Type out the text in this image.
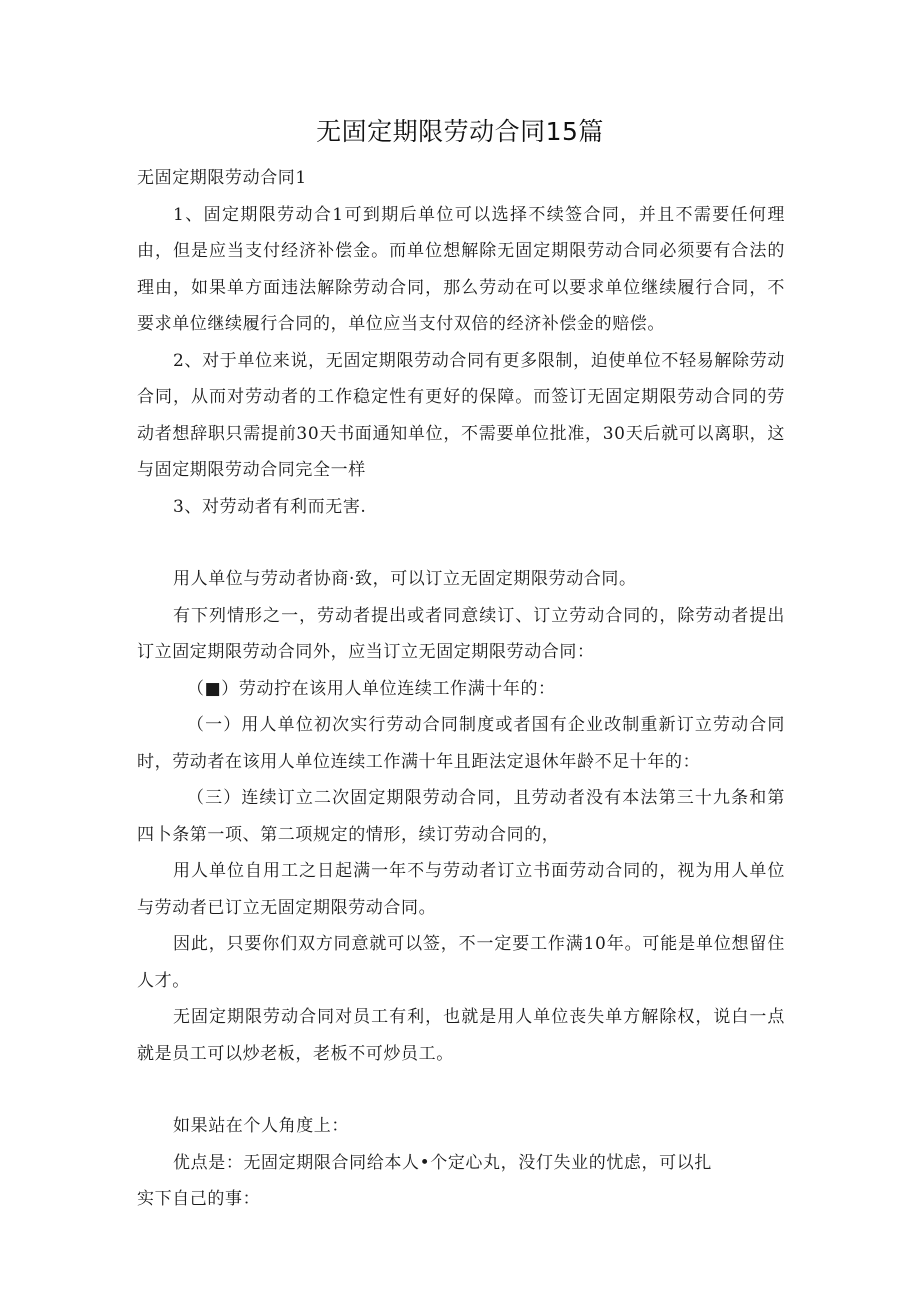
无固定期限劳动合同15篇

无固定期限劳动合同1

1、固定期限劳动合1可到期后单位可以选择不续签合同，并且不需要任何理由，但是应当支付经济补偿金。而单位想解除无固定期限劳动合同必须要有合法的理由，如果单方面违法解除劳动合同，那么劳动在可以要求单位继续履行合同，不要求单位继续履行合同的，单位应当支付双倍的经济补偿金的赔偿。

2、对于单位来说，无固定期限劳动合同有更多限制，迫使单位不轻易解除劳动合同，从而对劳动者的工作稳定性有更好的保障。而签订无固定期限劳动合同的劳动者想辞职只需提前30天书面通知单位，不需要单位批准，30天后就可以离职，这与固定期限劳动合同完全一样

3、对劳动者有利而无害.

用人单位与劳动者协商·致，可以订立无固定期限劳动合同。

有下列情形之一，劳动者提出或者同意续订、订立劳动合同的，除劳动者提出订立固定期限劳动合同外，应当订立无固定期限劳动合同：

（■）劳动拧在该用人单位连续工作满十年的：

（一）用人单位初次实行劳动合同制度或者国有企业改制重新订立劳动合同时，劳动者在该用人单位连续工作满十年且距法定退休年龄不足十年的：

（三）连续订立二次固定期限劳动合同，且劳动者没有本法第三十九条和第四卜条第一项、第二项规定的情形，续订劳动合同的，

用人单位自用工之日起满一年不与劳动者订立书面劳动合同的，视为用人单位与劳动者已订立无固定期限劳动合同。

因此，只要你们双方同意就可以签，不一定要工作满10年。可能是单位想留住人才。

无固定期限劳动合同对员工有利，也就是用人单位丧失单方解除权，说白一点就是员工可以炒老板，老板不可炒员工。

如果站在个人角度上：

优点是：无固定期限合同给本人•个定心丸，没仃失业的忧虑，可以扎实下自己的事：
